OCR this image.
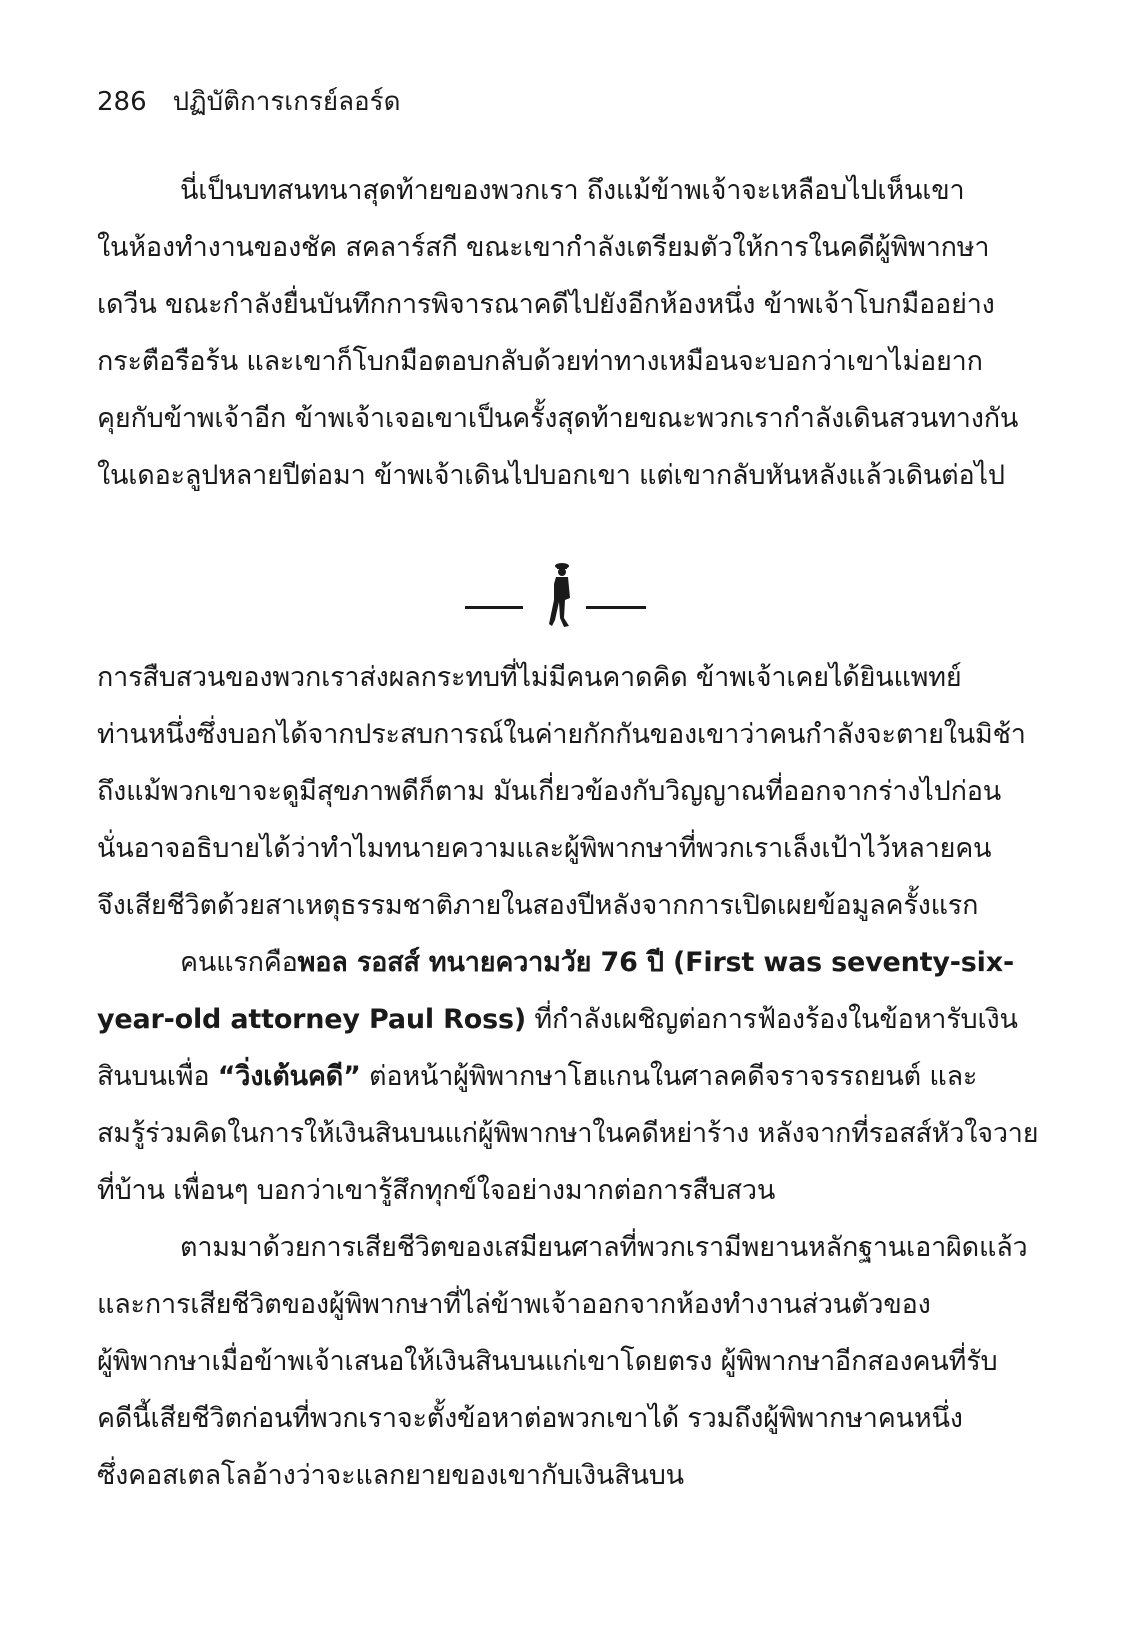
286 ปฏิบัติการเกรย์ลอร์ด
นี่เป็นบทสนทนาสุดท้ายของพวกเรา ถึงแม้ข้าพเจ้าจะเหลือบไปเห็นเขา
ในห้องทำงานของชัค สคลาร์สกี ขณะเขากำลังเตรียมตัวให้การในคดีผู้พิพากษา
เดวีน ขณะกำลังยื่นบันทึกการพิจารณาคดีไปยังอีกห้องหนึ่ง ข้าพเจ้าโบกมืออย่าง
กระตือรือร้น และเขาก็โบกมือตอบกลับด้วยท่าทางเหมือนจะบอกว่าเขาไม่อยาก
คุยกับข้าพเจ้าอีก ข้าพเจ้าเจอเขาเป็นครั้งสุดท้ายขณะพวกเรากำลังเดินสวนทางกัน
ในเดอะลูปหลายปีต่อมา ข้าพเจ้าเดินไปบอกเขา แต่เขากลับหันหลังแล้วเดินต่อไป
การสืบสวนของพวกเราส่งผลกระทบที่ไม่มีคนคาดคิด ข้าพเจ้าเคยได้ยินแพทย์
ท่านหนึ่งซึ่งบอกได้จากประสบการณ์ในค่ายกักกันของเขาว่าคนกำลังจะตายในมิช้า
ถึงแม้พวกเขาจะดูมีสุขภาพดีก็ตาม มันเกี่ยวข้องกับวิญญาณที่ออกจากร่างไปก่อน
นั่นอาจอธิบายได้ว่าทำไมทนายความและผู้พิพากษาที่พวกเราเล็งเป้าไว้หลายคน
จึงเสียชีวิตด้วยสาเหตุธรรมชาติภายในสองปีหลังจากการเปิดเผยข้อมูลครั้งแรก
คนแรกคือพอล รอสส์ ทนายความวัย 76 ปี (First was seventy-six-
year-old attorney Paul Ross) ที่กำลังเผชิญต่อการฟ้องร้องในข้อหารับเงิน
สินบนเพื่อ “วิ่งเต้นคดี” ต่อหน้าผู้พิพากษาโฮแกนในศาลคดีจราจรรถยนต์ และ
สมรู้ร่วมคิดในการให้เงินสินบนแก่ผู้พิพากษาในคดีหย่าร้าง หลังจากที่รอสส์หัวใจวาย
ที่บ้าน เพื่อนๆ บอกว่าเขารู้สึกทุกข์ใจอย่างมากต่อการสืบสวน
ตามมาด้วยการเสียชีวิตของเสมียนศาลที่พวกเรามีพยานหลักฐานเอาผิดแล้ว
และการเสียชีวิตของผู้พิพากษาที่ไล่ข้าพเจ้าออกจากห้องทำงานส่วนตัวของ
ผู้พิพากษาเมื่อข้าพเจ้าเสนอให้เงินสินบนแก่เขาโดยตรง ผู้พิพากษาอีกสองคนที่รับ
คดีนี้เสียชีวิตก่อนที่พวกเราจะตั้งข้อหาต่อพวกเขาได้ รวมถึงผู้พิพากษาคนหนึ่ง
ซึ่งคอสเตลโลอ้างว่าจะแลกยายของเขากับเงินสินบน
